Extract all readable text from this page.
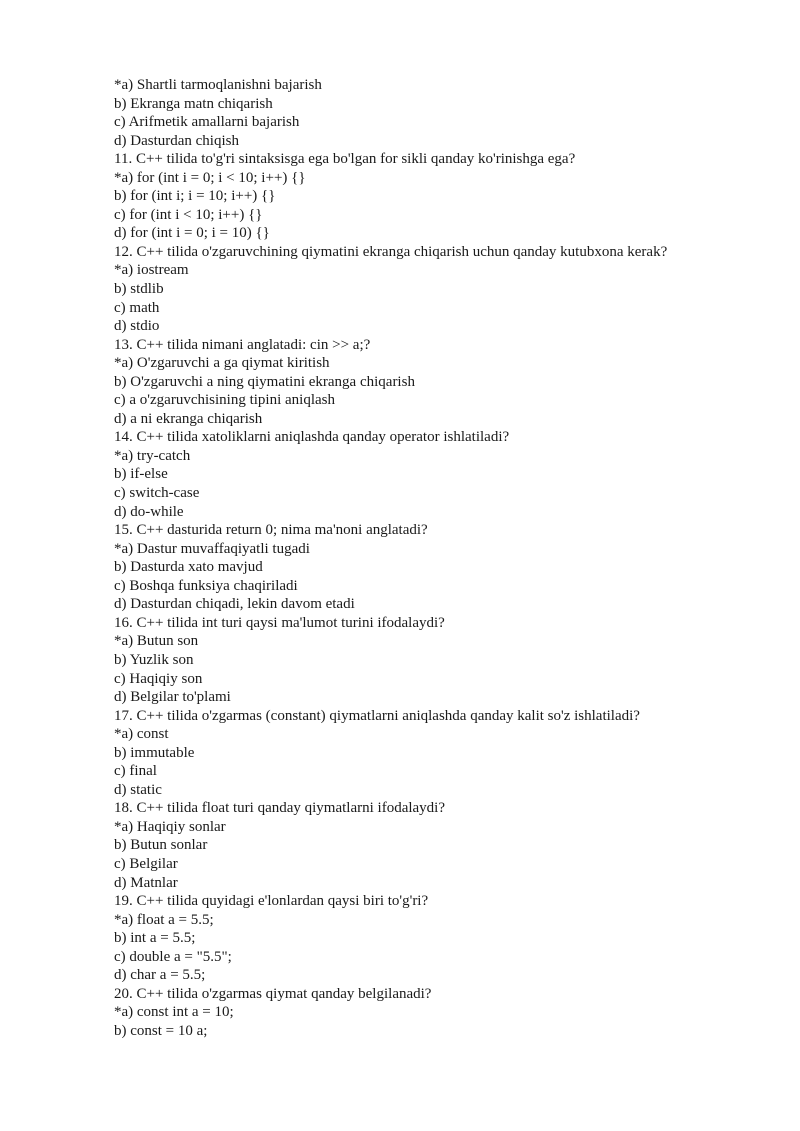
*a) Shartli tarmoqlanishni bajarish
b) Ekranga matn chiqarish
c) Arifmetik amallarni bajarish
d) Dasturdan chiqish
11. C++ tilida to'g'ri sintaksisga ega bo'lgan for sikli qanday ko'rinishga ega?
*a) for (int i = 0; i < 10; i++) {}
b) for (int i; i = 10; i++) {}
c) for (int i < 10; i++) {}
d) for (int i = 0; i = 10) {}
12. C++ tilida o'zgaruvchining qiymatini ekranga chiqarish uchun qanday kutubxona kerak?
*a) iostream
b) stdlib
c) math
d) stdio
13. C++ tilida nimani anglatadi: cin >> a;?
*a) O'zgaruvchi a ga qiymat kiritish
b) O'zgaruvchi a ning qiymatini ekranga chiqarish
c) a o'zgaruvchisining tipini aniqlash
d) a ni ekranga chiqarish
14. C++ tilida xatoliklarni aniqlashda qanday operator ishlatiladi?
*a) try-catch
b) if-else
c) switch-case
d) do-while
15. C++ dasturida return 0; nima ma'noni anglatadi?
*a) Dastur muvaffaqiyatli tugadi
b) Dasturda xato mavjud
c) Boshqa funksiya chaqiriladi
d) Dasturdan chiqadi, lekin davom etadi
16. C++ tilida int turi qaysi ma'lumot turini ifodalaydi?
*a) Butun son
b) Yuzlik son
c) Haqiqiy son
d) Belgilar to'plami
17. C++ tilida o'zgarmas (constant) qiymatlarni aniqlashda qanday kalit so'z ishlatiladi?
*a) const
b) immutable
c) final
d) static
18. C++ tilida float turi qanday qiymatlarni ifodalaydi?
*a) Haqiqiy sonlar
b) Butun sonlar
c) Belgilar
d) Matnlar
19. C++ tilida quyidagi e'lonlardan qaysi biri to'g'ri?
*a) float a = 5.5;
b) int a = 5.5;
c) double a = "5.5";
d) char a = 5.5;
20. C++ tilida o'zgarmas qiymat qanday belgilanadi?
*a) const int a = 10;
b) const = 10 a;
